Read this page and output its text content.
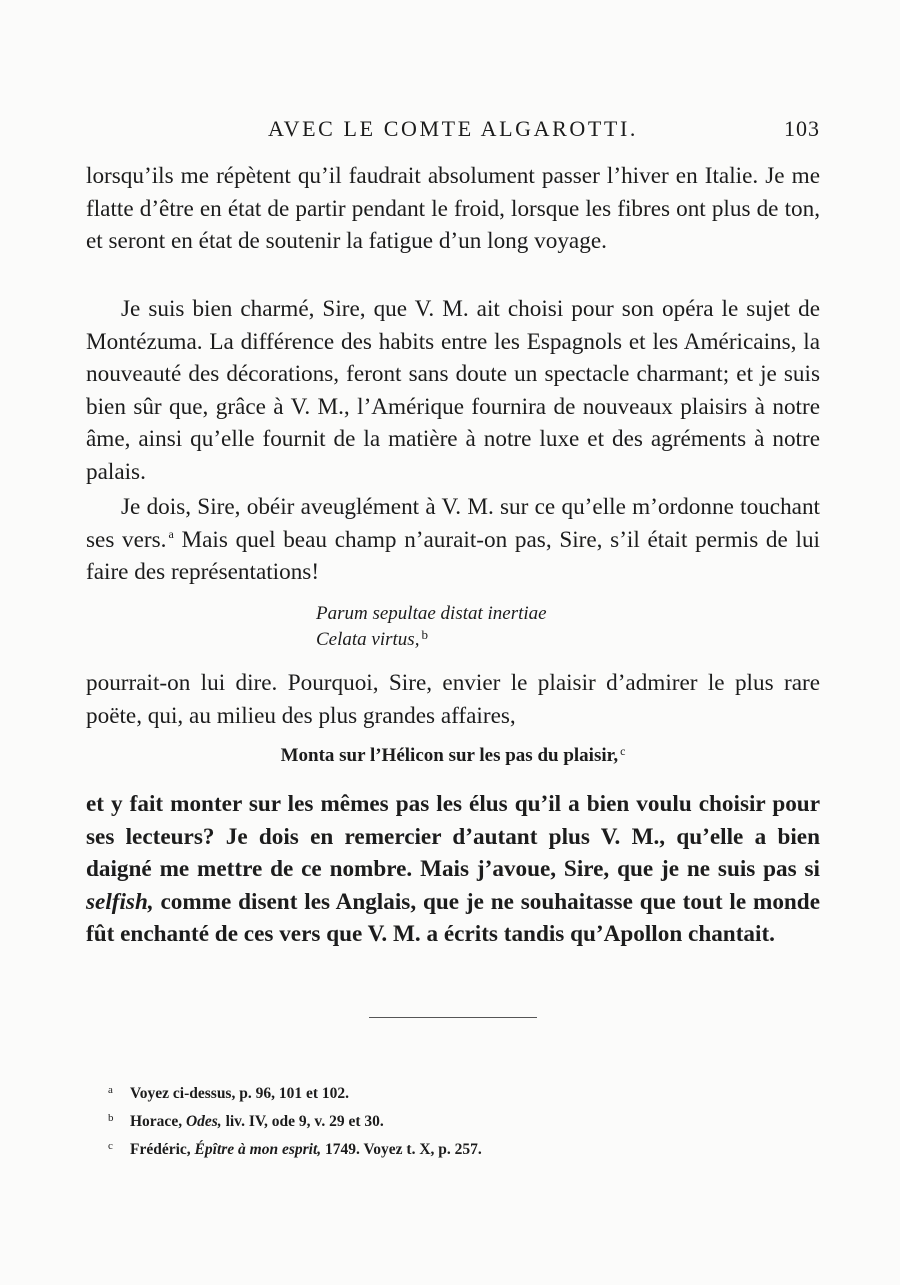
AVEC LE COMTE ALGAROTTI.	103

lorsqu’ils me répètent qu’il faudrait absolument passer l’hiver en Italie. Je me flatte d’être en état de partir pendant le froid, lorsque les fibres ont plus de ton, et seront en état de soutenir la fatigue d’un long voyage.

Je suis bien charmé, Sire, que V. M. ait choisi pour son opéra le sujet de Montézuma. La différence des habits entre les Espagnols et les Américains, la nouveauté des décorations, feront sans doute un spectacle charmant; et je suis bien sûr que, grâce à V. M., l’Amérique fournira de nouveaux plaisirs à notre âme, ainsi qu’elle fournit de la matière à notre luxe et des agréments à notre palais.

Je dois, Sire, obéir aveuglément à V. M. sur ce qu’elle m’ordonne touchant ses vers. $^a$ Mais quel beau champ n’aurait-on pas, Sire, s’il était permis de lui faire des représentations!

Parum sepultae distat inertiae
Celata virtus, $^b$

pourrait-on lui dire. Pourquoi, Sire, envier le plaisir d’admirer le plus rare poëte, qui, au milieu des plus grandes affaires,

Monta sur l’Hélicon sur les pas du plaisir, $^c$

et y fait monter sur les mêmes pas les élus qu’il a bien voulu choisir pour ses lecteurs? Je dois en remercier d’autant plus V. M., qu’elle a bien daigné me mettre de ce nombre. Mais j’avoue, Sire, que je ne suis pas si selfish, comme disent les Anglais, que je ne souhaitasse que tout le monde fût enchanté de ces vers que V. M. a écrits tandis qu’Apollon chantait.

a Voyez ci-dessus, p. 96, 101 et 102.
b Horace, Odes, liv. IV, ode 9, v. 29 et 30.
c Frédéric, Épître à mon esprit, 1749. Voyez t. X, p. 257.
